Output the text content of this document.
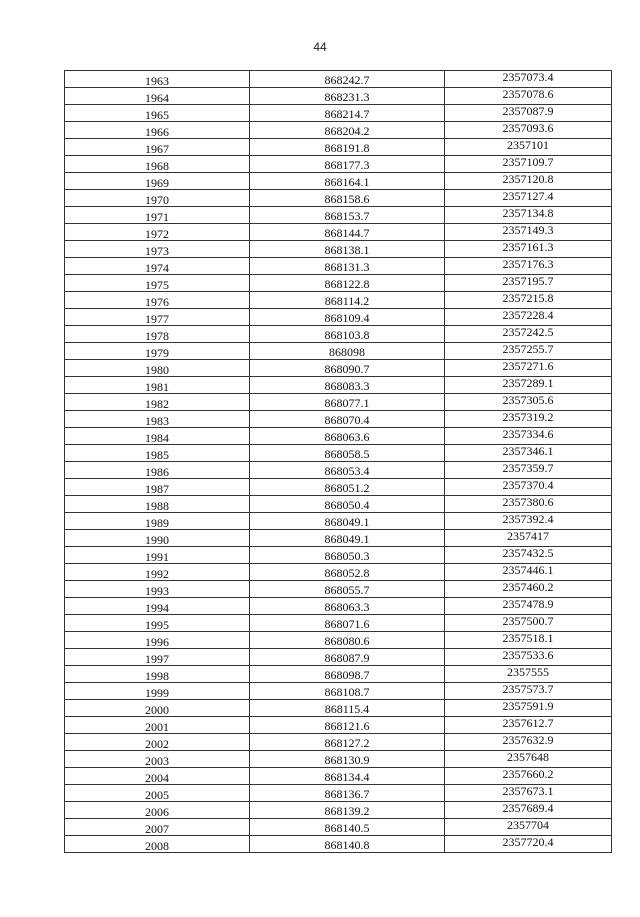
44
1963	868242.7	2357073.4
1964	868231.3	2357078.6
1965	868214.7	2357087.9
1966	868204.2	2357093.6
1967	868191.8	2357101
1968	868177.3	2357109.7
1969	868164.1	2357120.8
1970	868158.6	2357127.4
1971	868153.7	2357134.8
1972	868144.7	2357149.3
1973	868138.1	2357161.3
1974	868131.3	2357176.3
1975	868122.8	2357195.7
1976	868114.2	2357215.8
1977	868109.4	2357228.4
1978	868103.8	2357242.5
1979	868098	2357255.7
1980	868090.7	2357271.6
1981	868083.3	2357289.1
1982	868077.1	2357305.6
1983	868070.4	2357319.2
1984	868063.6	2357334.6
1985	868058.5	2357346.1
1986	868053.4	2357359.7
1987	868051.2	2357370.4
1988	868050.4	2357380.6
1989	868049.1	2357392.4
1990	868049.1	2357417
1991	868050.3	2357432.5
1992	868052.8	2357446.1
1993	868055.7	2357460.2
1994	868063.3	2357478.9
1995	868071.6	2357500.7
1996	868080.6	2357518.1
1997	868087.9	2357533.6
1998	868098.7	2357555
1999	868108.7	2357573.7
2000	868115.4	2357591.9
2001	868121.6	2357612.7
2002	868127.2	2357632.9
2003	868130.9	2357648
2004	868134.4	2357660.2
2005	868136.7	2357673.1
2006	868139.2	2357689.4
2007	868140.5	2357704
2008	868140.8	2357720.4
